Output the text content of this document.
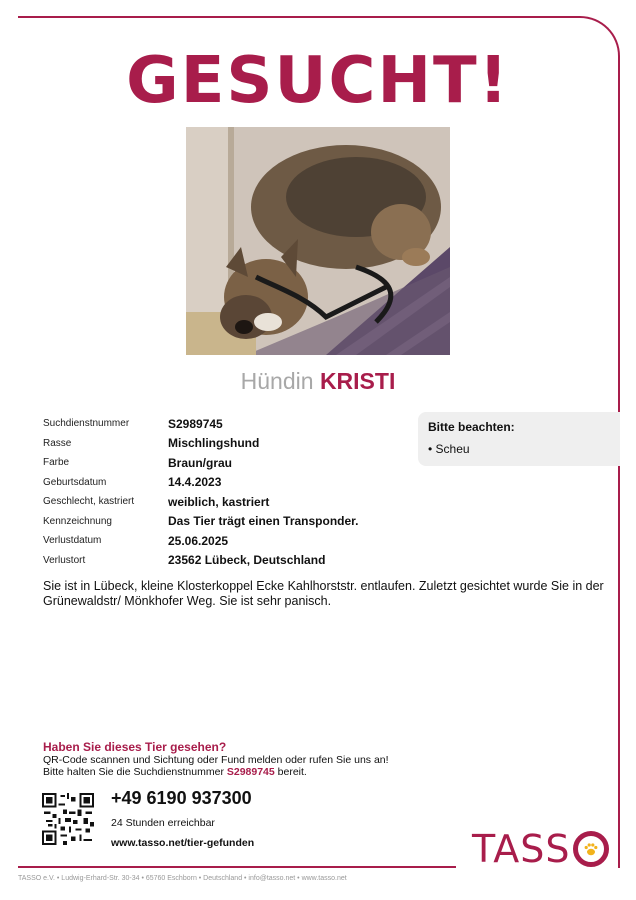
GESUCHT!
Hündin KRISTI
Suchdienstnummer	S2989745
Rasse	Mischlingshund
Farbe	Braun/grau
Geburtsdatum	14.4.2023
Geschlecht, kastriert	weiblich, kastriert
Kennzeichnung	Das Tier trägt einen Transponder.
Verlustdatum	25.06.2025
Verlustort	23562 Lübeck, Deutschland
Bitte beachten:
• Scheu
Sie ist in Lübeck, kleine Klosterkoppel Ecke Kahlhorststr. entlaufen. Zuletzt gesichtet wurde Sie in der Grünewaldstr/ Mönkhofer Weg. Sie ist sehr panisch.
Haben Sie dieses Tier gesehen?
QR-Code scannen und Sichtung oder Fund melden oder rufen Sie uns an!
Bitte halten Sie die Suchdienstnummer S2989745 bereit.
+49 6190 937300
24 Stunden erreichbar
www.tasso.net/tier-gefunden	TASS
TASSO e.V. • Ludwig-Erhard-Str. 30-34 • 65760 Eschborn • Deutschland • info@tasso.net • www.tasso.net
